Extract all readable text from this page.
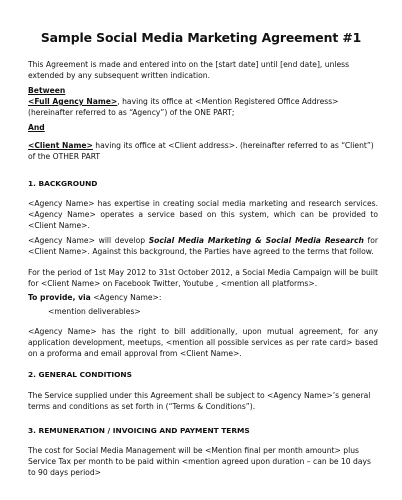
Sample Social Media Marketing Agreement #1
This Agreement is made and entered into on the [start date] until [end date], unless extended by any subsequent written indication.
Between
<Full Agency Name>, having its office at <Mention Registered Office Address> (hereinafter referred to as “Agency”) of the ONE PART;
And
<Client Name> having its office at <Client address>. (hereinafter referred to as “Client”) of the OTHER PART
1. BACKGROUND
<Agency Name> has expertise in creating social media marketing and research services. <Agency Name> operates a service based on this system, which can be provided to <Client Name>.
<Agency Name> will develop Social Media Marketing & Social Media Research for <Client Name>. Against this background, the Parties have agreed to the terms that follow.
For the period of 1st May 2012 to 31st October 2012, a Social Media Campaign will be built for <Client Name> on Facebook Twitter, Youtube , <mention all platforms>.
To provide, via <Agency Name>:
<mention deliverables>
<Agency Name> has the right to bill additionally, upon mutual agreement, for any application development, meetups, <mention all possible services as per rate card> based on a proforma and email approval from <Client Name>.
2. GENERAL CONDITIONS
The Service supplied under this Agreement shall be subject to <Agency Name>’s general terms and conditions as set forth in (“Terms & Conditions”).
3. REMUNERATION / INVOICING AND PAYMENT TERMS
The cost for Social Media Management will be <Mention final per month amount> plus Service Tax per month to be paid within <mention agreed upon duration – can be 10 days to 90 days period>
